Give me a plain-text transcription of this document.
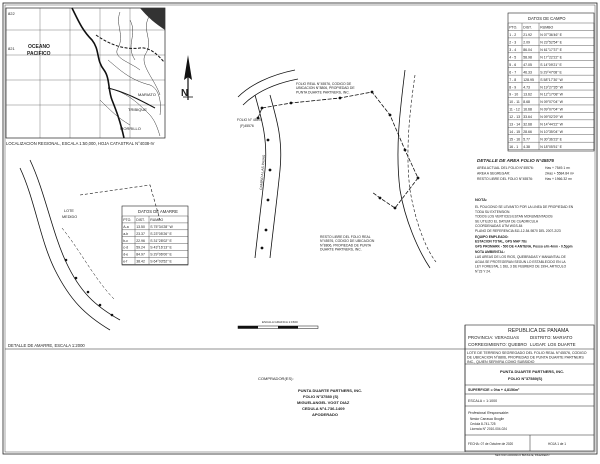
822
821	OCEANO
PACIFICO
TRIBIQUE
MARIATO
MORRILLO
LOCALIZACION REGIONAL, ESCALA 1:50,000, HOJA CATASTRAL N°4038-IV
N
DATOS DE CAMPO
PTO. DIST. RUMBO
1 - 2 21.92 N 07°36'46" E
2 - 3 2.09	N 23°52'54" E
3 - 4 86.04 N 61°17'37" E
4 - 5 58.98 N 17°22'22" E
5 - 6 47.05 S 14°09'21" E
6 - 7 46.33 S 29°47'08" E
7 - 8 128.95 S 58°17'30" W
8 - 9 4.73	N 19°27'35" W
9 - 10 13.62 N 12°17'08" W
10 - 11 8.68	N 09°07'04" W
11 - 12 16.68 N 09°07'04" W
12 - 13 33.64 N 09°02'29" W
13 - 14 32.68 N 14°44'22" W
14 - 15 28.66 N 10°35'04" W
15 - 16 5.77	N 30°36'23" E
16 - 1 4.38	N 18°05'51" E
DETALLE DE AREA FOLIO N°45576
AREA ACTUAL DEL FOLIO N°45576:	Has + 7549.1 m²
AREA A SEGREGAR:	2Has + 5584.84 m²
RESTO LIBRE DEL FOLIO N°45576:	Has + 1966.32 m²
NOTA:
EL POLIGONO SE LEVANTO POR LA LINEA DE PROPIEDAD EN
TODA SU EXTENSION.
TODOS LOS VERTICES ESTAN MONUMENTADOS
SE UTILIZO EL DATUM DE CUADRICULA
COORDENADAS UTM WGS-84
PLANO DE REFERENCIA 811-12-54-9870 DEL 2007-2/23
EQUIPO EMPLEADO:
ESTACION TOTAL, GPS MAP 78s
GPS PROMARK - 500 DE 4 ANTENA, Posso e/m 4mm - 0.5ppm
NOTA AMBIENTAL:
LAS AREAS DE LOS RIOS, QUEBRADAS Y MANANTIAL DE
AGUA SE PROTEGERAN SEGUN LO ESTABLECIDO EN LA
LEY FORESTAL 1 DEL 3 DE FEBRERO DE 1994, ARTICULO
N°23 Y 24.
FOLIO REAL N°45576, CODIGO DE UBICACION N°8806, PROPIEDAD DE PUNTA DUARTE PARTNERS, INC.
FOLIO N° 45576
(F)45576
RESTO LIBRE DEL FOLIO REAL N°45576, CODIGO DE UBICACION N°8806, PROPIEDAD DE PUNTA DUARTE PARTNERS, INC.
CAMINO A LAS PAVAS
DATOS DE AMARRE
PTO. DIST. RUMBO
A-a 13.50 S 75°34'28" W
a-b 23.37 S 23°05'26" E
b-c 22.96 S 31°28'02" E
c-d 59.24 S 43°16'13" E
d-e 84.97 S 29°06'00" E
e-f	38.42 S 64°03'52" E
LOTE
MEDIDO
DETALLE DE AMARRE, ESCALA 1:2000
ESCALA GRAFICA 1:1500
COMPRADOR(ES):
PUNTA DUARTE PARTNERS, INC.
FOLIO N°37580 (S)
MIGUELANGEL VOGT DIAZ
CEDULA N°4-736-1409
APODERADO
REPUBLICA DE PANAMA
PROVINCIA: VERAGUAS	DISTRITO: MARIATO
CORREGIMIENTO: QUEBRO LUGAR: LOS DUARTE
LOTE DE TERRENO SEGREGADO DEL FOLIO REAL N°45576, CODIGO DE UBICACION N°8806, PROPIEDAD DE PUNTA DUARTE PARTNERS INC., QUIEN SERVIRA COMO SUBSIDIO
PUNTA DUARTE PARTNERS, INC.
FOLIO N°37580(S)
SUPERFICIE = 0ha + 4,8156m²
ESCALA = 1:1000
Profesional Responsable:
Nestor Carrasco Broglie
Cedula 8-741-725
Licencia N° 2010-004-024
FECHA: 07 de Octubre de 2020	HOJA 1 de 1
NESTOR CARRASCO BROGLIE, INGENIERO
